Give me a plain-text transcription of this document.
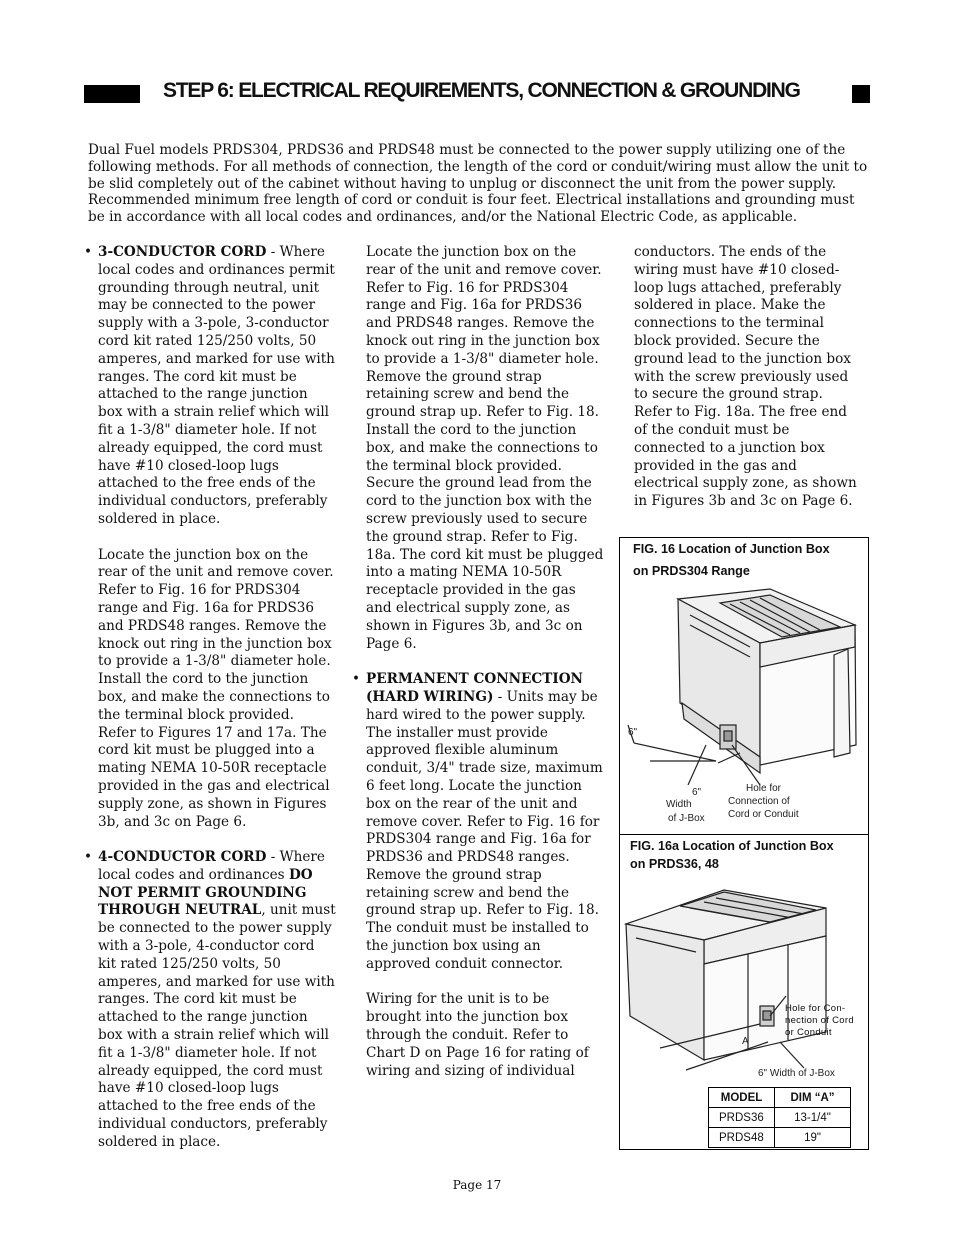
STEP 6: ELECTRICAL REQUIREMENTS, CONNECTION & GROUNDING
Dual Fuel models PRDS304, PRDS36 and PRDS48 must be connected to the power supply utilizing one of the following methods. For all methods of connection, the length of the cord or conduit/wiring must allow the unit to be slid completely out of the cabinet without having to unplug or disconnect the unit from the power supply. Recommended minimum free length of cord or conduit is four feet. Electrical installations and grounding must be in accordance with all local codes and ordinances, and/or the National Electric Code, as applicable.

• 3-CONDUCTOR CORD - Where local codes and ordinances permit grounding through neutral, unit may be connected to the power supply with a 3-pole, 3-conductor cord kit rated 125/250 volts, 50 amperes, and marked for use with ranges. The cord kit must be attached to the range junction box with a strain relief which will fit a 1-3/8" diameter hole. If not already equipped, the cord must have #10 closed-loop lugs attached to the free ends of the individual conductors, preferably soldered in place.

Locate the junction box on the rear of the unit and remove cover. Refer to Fig. 16 for PRDS304 range and Fig. 16a for PRDS36 and PRDS48 ranges. Remove the knock out ring in the junction box to provide a 1-3/8" diameter hole. Install the cord to the junction box, and make the connections to the terminal block provided. Refer to Figures 17 and 17a. The cord kit must be plugged into a mating NEMA 10-50R receptacle provided in the gas and electrical supply zone, as shown in Figures 3b, and 3c on Page 6.

• 4-CONDUCTOR CORD - Where local codes and ordinances DO NOT PERMIT GROUNDING THROUGH NEUTRAL, unit must be connected to the power supply with a 3-pole, 4-conductor cord kit rated 125/250 volts, 50 amperes, and marked for use with ranges. The cord kit must be attached to the range junction box with a strain relief which will fit a 1-3/8" diameter hole. If not already equipped, the cord must have #10 closed-loop lugs attached to the free ends of the individual conductors, preferably soldered in place.

Locate the junction box on the rear of the unit and remove cover. Refer to Fig. 16 for PRDS304 range and Fig. 16a for PRDS36 and PRDS48 ranges. Remove the knock out ring in the junction box to provide a 1-3/8" diameter hole. Remove the ground strap retaining screw and bend the ground strap up. Refer to Fig. 18. Install the cord to the junction box, and make the connections to the terminal block provided. Secure the ground lead from the cord to the junction box with the screw previously used to secure the ground strap. Refer to Fig. 18a. The cord kit must be plugged into a mating NEMA 10-50R receptacle provided in the gas and electrical supply zone, as shown in Figures 3b, and 3c on Page 6.

• PERMANENT CONNECTION (HARD WIRING) - Units may be hard wired to the power supply. The installer must provide approved flexible aluminum conduit, 3/4" trade size, maximum 6 feet long. Locate the junction box on the rear of the unit and remove cover. Refer to Fig. 16 for PRDS304 range and Fig. 16a for PRDS36 and PRDS48 ranges. Remove the ground strap retaining screw and bend the ground strap up. Refer to Fig. 18. The conduit must be installed to the junction box using an approved conduit connector.

Wiring for the unit is to be brought into the junction box through the conduit. Refer to Chart D on Page 16 for rating of wiring and sizing of individual

FIG. 16 Location of Junction Box
on PRDS304 Range
6"
6"
Width
of J-Box
Hole for
Connection of
Cord or Conduit
FIG. 16a Location of Junction Box
on PRDS36, 48
A
6" Width of J-Box
Hole for Con-
nection of Cord
or Conduit
MODEL	DIM “A”
PRDS36	13-1/4"
PRDS48	19"

conductors. The ends of the wiring must have #10 closed-loop lugs attached, preferably soldered in place. Make the connections to the terminal block provided. Secure the ground lead to the junction box with the screw previously used to secure the ground strap. Refer to Fig. 18a. The free end of the conduit must be connected to a junction box provided in the gas and electrical supply zone, as shown in Figures 3b and 3c on Page 6.

Page 17
